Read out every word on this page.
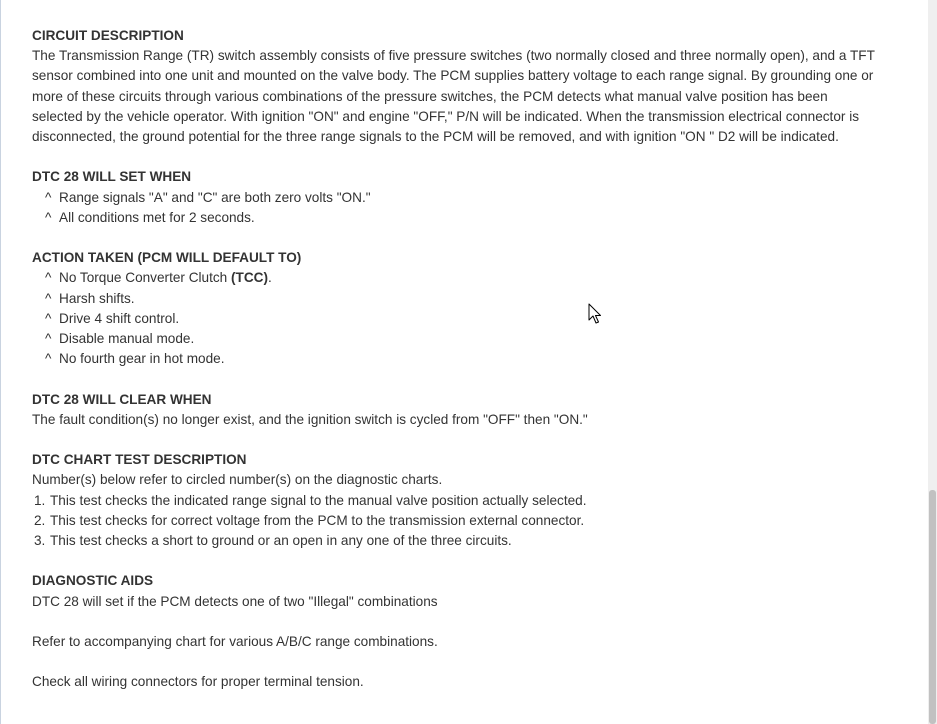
CIRCUIT DESCRIPTION

The Transmission Range (TR) switch assembly consists of five pressure switches (two normally closed and three normally open), and a TFT

sensor combined into one unit and mounted on the valve body. The PCM supplies battery voltage to each range signal. By grounding one or

more of these circuits through various combinations of the pressure switches, the PCM detects what manual valve position has been

selected by the vehicle operator. With ignition "ON" and engine "OFF," P/N will be indicated. When the transmission electrical connector is

disconnected, the ground potential for the three range signals to the PCM will be removed, and with ignition "ON " D2 will be indicated.

DTC 28 WILL SET WHEN
^ Range signals "A" and "C" are both zero volts "ON."
^ All conditions met for 2 seconds.
ACTION TAKEN (PCM WILL DEFAULT TO)
^ No Torque Converter Clutch (TCC).
^ Harsh shifts.
^ Drive 4 shift control.
^ Disable manual mode.
^ No fourth gear in hot mode.
DTC 28 WILL CLEAR WHEN

The fault condition(s) no longer exist, and the ignition switch is cycled from "OFF" then "ON."

DTC CHART TEST DESCRIPTION

Number(s) below refer to circled number(s) on the diagnostic charts.

1. This test checks the indicated range signal to the manual valve position actually selected.
2. This test checks for correct voltage from the PCM to the transmission external connector.
3. This test checks a short to ground or an open in any one of the three circuits.
DIAGNOSTIC AIDS

DTC 28 will set if the PCM detects one of two "Illegal" combinations

Refer to accompanying chart for various A/B/C range combinations.

Check all wiring connectors for proper terminal tension.
